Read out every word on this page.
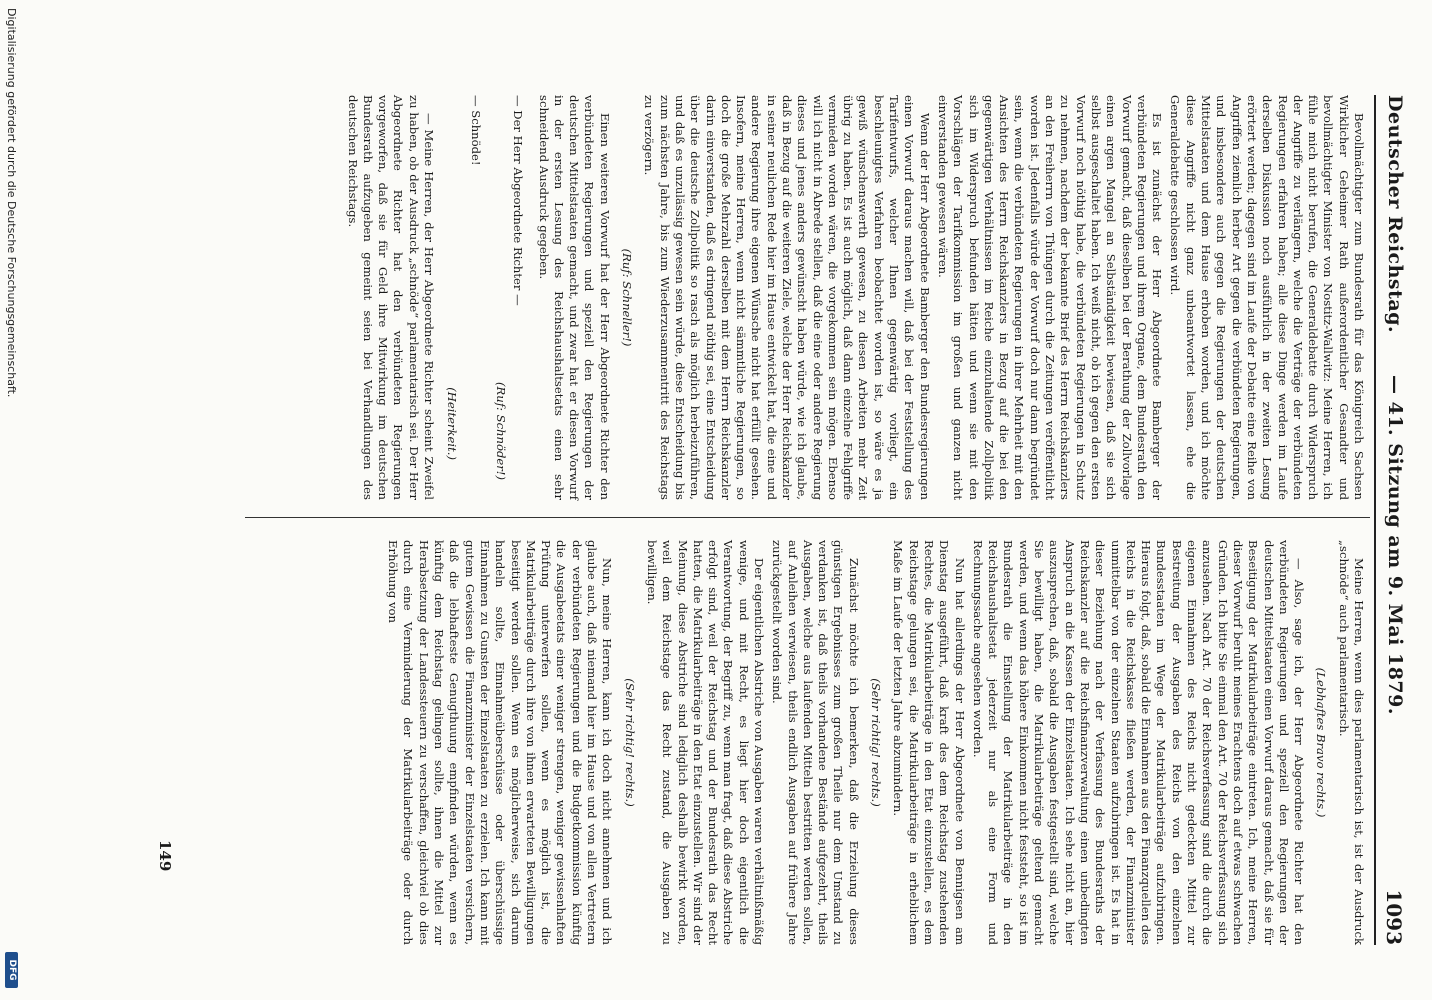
Deutscher Reichstag.
— 41. Sitzung am 9. Mai 1879.
1093

Bevollmächtigter zum Bundesrath für das Königreich Sachsen Wirklicher Geheimer Rath außerordentlicher Gesandter und bevollmächtigter Minister von Nostitz-Wallwitz: Meine Herren, ich fühle mich nicht berufen, die Generaldebatte durch Widerspruch der Angriffe zu verlängern, welche die Verträge der verbündeten Regierungen erfahren haben; alle diese Dinge werden im Laufe derselben Diskussion noch ausführlich in der zweiten Lesung erörtert werden; dagegen sind im Laufe der Debatte eine Reihe von Angriffen ziemlich herber Art gegen die verbündeten Regierungen, und insbesondere auch gegen die Regierungen der deutschen Mittelstaaten und dem Hause erhoben worden, und ich möchte diese Angriffe nicht ganz unbeantwortet lassen, ehe die Generaldebatte geschlossen wird.

Es ist zunächst der Herr Abgeordnete Bamberger der verbündeten Regierungen und ihrem Organe, dem Bundesrath den Vorwurf gemacht, daß dieselben bei der Berathung der Zollvorlage einen argen Mangel an Selbständigkeit bewiesen, daß sie sich selbst ausgeschaltet haben. Ich weiß nicht, ob ich gegen den ersten Vorwurf noch nöthig habe, die verbündeten Regierungen in Schutz zu nehmen, nachdem der bekannte Brief des Herrn Reichskanzlers an den Freiherrn von Thüngen durch die Zeitungen veröffentlicht worden ist. Jedenfalls würde der Vorwurf doch nur dann begründet sein, wenn die verbündeten Regierungen in ihrer Mehrheit mit den Ansichten des Herrn Reichskanzlers in Bezug auf die bei den gegenwärtigen Verhältnissen im Reiche einzuhaltende Zollpolitik sich im Widerspruch befunden hätten und wenn sie mit den Vorschlägen der Tarifkommission im großen und ganzen nicht einverstanden gewesen wären.

Wenn der Herr Abgeordnete Bamberger den Bundesregierungen einen Vorwurf daraus machen will, daß bei der Feststellung des Tarifentwurfs, welcher Ihnen gegenwärtig vorliegt, ein beschleunigtes Verfahren beobachtet worden ist, so wäre es ja gewiß wünschenswerth gewesen, zu diesen Arbeiten mehr Zeit übrig zu haben. Es ist auch möglich, daß dann einzelne Fehlgriffe vermieden worden wären, die vorgekommen sein mögen. Ebenso will ich nicht in Abrede stellen, daß die eine oder andere Regierung dieses und jenes anders gewünscht haben würde, wie ich glaube, daß in Bezug auf die weiteren Ziele, welche der Herr Reichskanzler in seiner neulichen Rede hier im Hause entwickelt hat, die eine und andere Regierung ihre eigenen Wünsche nicht hat erfüllt gesehen. Insofern, meine Herren, wenn nicht sämmtliche Regierungen, so doch die große Mehrzahl derselben mit dem Herrn Reichskanzler darin einverstanden, daß es dringend nöthig sei, eine Entscheidung über die deutsche Zollpolitik so rasch als möglich herbeizuführen, und daß es unzulässig gewesen sein würde, diese Entscheidung bis zum nächsten Jahre, bis zum Wiederzusammentritt des Reichstags zu verzögern.

(Ruf: Schneller!)

Einen weiteren Vorwurf hat der Herr Abgeordnete Richter den verbündeten Regierungen und speziell den Regierungen der deutschen Mittelstaaten gemacht, und zwar hat er diesen Vorwurf in der ersten Lesung des Reichshaushaltsetats einen sehr schneidend Ausdruck gegeben.

— Der Herr Abgeordnete Richter —

(Ruf: Schnöder!)

— Schnöde!

(Heiterkeit.)

— Meine Herren, der Herr Abgeordnete Richter scheint Zweifel zu haben, ob der Ausdruck „schnöde“ parlamentarisch sei. Der Herr Abgeordnete Richter hat den verbündeten Regierungen vorgeworfen, daß sie für Geld ihre Mitwirkung im deutschen Bundesrath aufzugeben gemeint seien bei Verhandlungen des deutschen Reichstags.

Meine Herren, wenn dies parlamentarisch ist, ist der Ausdruck „schnöde“ auch parlamentarisch.

(Lebhaftes Bravo rechts.)

— Also, sage ich, der Herr Abgeordnete Richter hat den verbündeten Regierungen und speziell den Regierungen der deutschen Mittelstaaten einen Vorwurf daraus gemacht, daß sie für Beseitigung der Matrikularbeiträge eintreten. Ich, meine Herren, dieser Vorwurf beruht meines Erachtens doch auf etwas schwachen Gründen. Ich bitte Sie einmal den Art. 70 der Reichsverfassung sich anzusehen. Nach Art. 70 der Reichsverfassung sind die durch die eigenen Einnahmen des Reichs nicht gedeckten Mittel zur Bestreitung der Ausgaben des Reichs von den einzelnen Bundesstaaten im Wege der Matrikularbeiträge aufzubringen. Hieraus folgt, daß, sobald die Einnahmen aus den Finanzquellen des Reichs in die Reichskasse fließen werden, der Finanzminister unmittelbar von der einzelnen Staaten aufzubringen ist. Es hat in dieser Beziehung nach der Verfassung des Bundesraths der Reichskanzler auf die Reichsfinanzverwaltung einen unbedingten Anspruch an die Kassen der Einzelstaaten. Ich sehe nicht an, hier auszusprechen, daß, sobald die Ausgaben festgestellt sind, welche Sie bewilligt haben, die Matrikularbeiträge geltend gemacht werden, und wenn das höhere Einkommen nicht feststeht, so ist im Bundesrath die Einstellung der Matrikularbeiträge in den Reichshaushaltsetat jederzeit nur als eine Form und Rechnungssache angesehen worden.

Nun hat allerdings der Herr Abgeordnete von Bennigsen am Dienstag ausgeführt, daß kraft des dem Reichstag zustehenden Rechtes, die Matrikularbeiträge in den Etat einzustellen, es dem Reichstage gelungen sei, die Matrikularbeiträge in erheblichem Maße im Laufe der letzten Jahre abzumindern.

(Sehr richtig! rechts.)

Zunächst möchte ich bemerken, daß die Erzielung dieses günstigen Ergebnisses zum großen Theile nur dem Umstand zu verdanken ist, daß theils vorhandene Bestände aufgezehrt, theils Ausgaben, welche aus laufenden Mitteln bestritten werden sollen, auf Anleihen verwiesen, theils endlich Ausgaben auf frühere Jahre zurückgestellt worden sind.

Der eigentlichen Abstriche von Ausgaben waren verhältnißmäßig wenige, und mit Recht, es liegt hier doch eigentlich die Verantwortung, der Begriff zu, wenn man fragt, daß diese Abstriche erfolgt sind, weil der Reichstag und der Bundesrath das Recht hatten, die Matrikularbeiträge in den Etat einzustellen. Wir sind der Meinung, diese Abstriche sind lediglich deshalb bewirkt worden, weil dem Reichstage das Recht zustand, die Ausgaben zu bewilligen.

(Sehr richtig! rechts.)

Nun, meine Herren, kann ich doch nicht annehmen und ich glaube auch, daß niemand hier im Hause und von allen Vertretern der verbündeten Regierungen und die Budgetkommission künftig die Ausgabeetats einer weniger strengen, weniger gewissenhaften Prüfung unterwerfen sollen, wenn es möglich ist, die Matrikularbeiträge durch ihre von ihnen erwarteten Bewilligungen beseitigt werden sollen. Wenn es möglicherweise, sich darum handeln sollte, Einnahmeüberschüsse oder überschüssige Einnahmen zu Gunsten der Einzelstaaten zu erzielen. Ich kann mit gutem Gewissen die Finanzminister der Einzelstaaten versichern, daß die lebhafteste Genugthuung empfinden würden, wenn es künftig dem Reichstag gelingen sollte, ihnen die Mittel zur Herabsetzung der Landessteuern zu verschaffen, gleichviel ob dies durch eine Verminderung der Matrikularbeiträge oder durch Erhöhung von

149
Digitalisierung gefördert durch die Deutsche Forschungsgemeinschaft.
DFG
